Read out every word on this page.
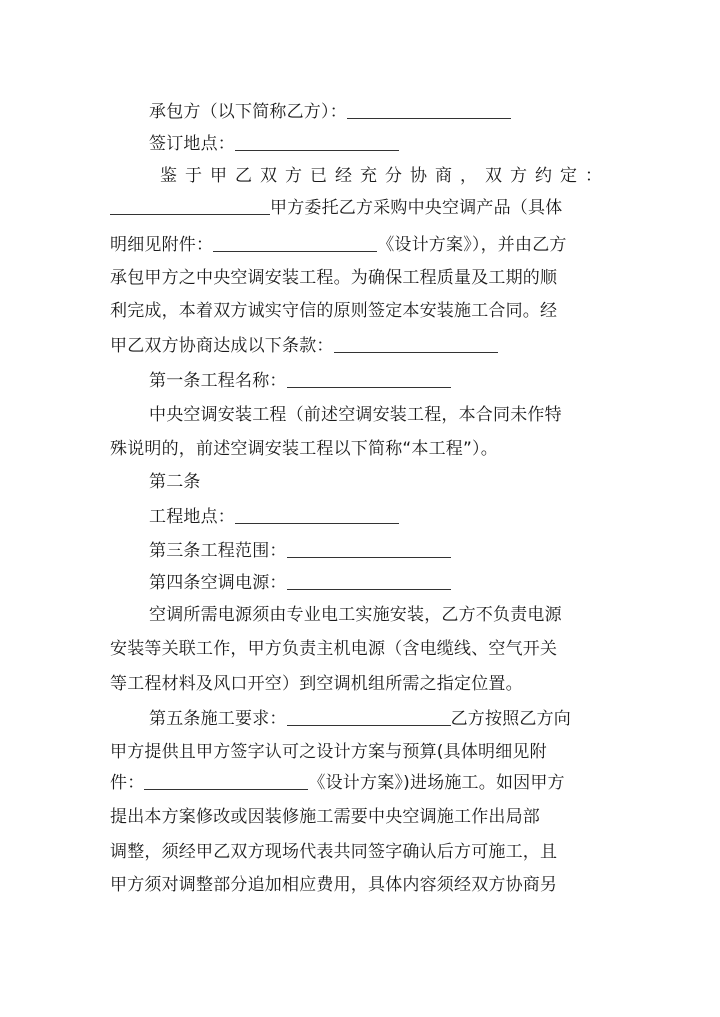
承包方（以下简称乙方）：
签订地点：
鉴于甲乙双方已经充分协商，双方约定：
甲方委托乙方采购中央空调产品（具体
明细见附件：	《设计方案》），并由乙方
承包甲方之中央空调安装工程。为确保工程质量及工期的顺
利完成，本着双方诚实守信的原则签定本安装施工合同。经
甲乙双方协商达成以下条款：
第一条工程名称：
中央空调安装工程（前述空调安装工程，本合同未作特
殊说明的，前述空调安装工程以下简称“本工程”）。
第二条
工程地点：
第三条工程范围：
第四条空调电源：
空调所需电源须由专业电工实施安装，乙方不负责电源
安装等关联工作，甲方负责主机电源（含电缆线、空气开关
等工程材料及风口开空）到空调机组所需之指定位置。
第五条施工要求：	乙方按照乙方向
甲方提供且甲方签字认可之设计方案与预算(具体明细见附
件：	《设计方案》)进场施工。如因甲方
提出本方案修改或因装修施工需要中央空调施工作出局部
调整，须经甲乙双方现场代表共同签字确认后方可施工，且
甲方须对调整部分追加相应费用，具体内容须经双方协商另
